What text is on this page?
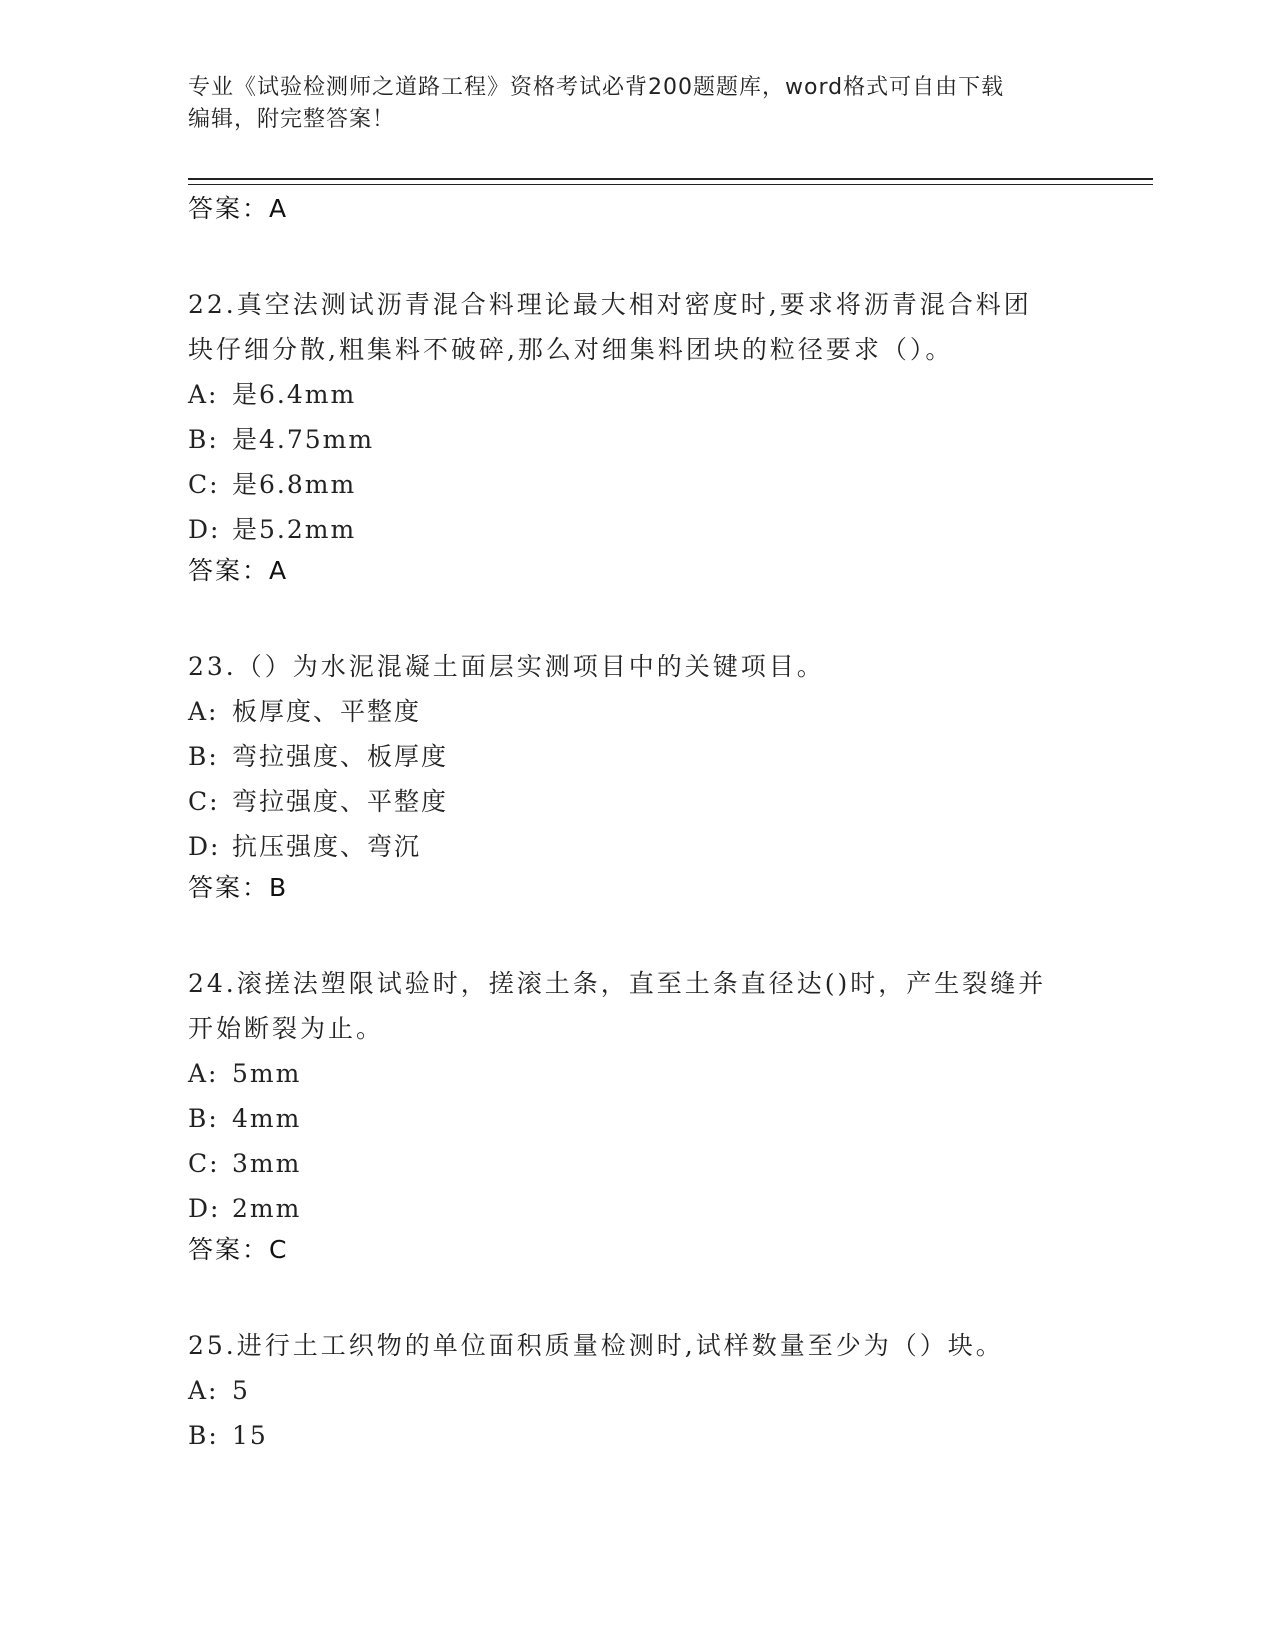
专业《试验检测师之道路工程》资格考试必背200题题库，word格式可自由下载
编辑，附完整答案！

答案：A

22.真空法测试沥青混合料理论最大相对密度时,要求将沥青混合料团

块仔细分散,粗集料不破碎,那么对细集料团块的粒径要求（）。

A: 是6.4mm

B: 是4.75mm

C: 是6.8mm

D: 是5.2mm

答案：A

23.（）为水泥混凝土面层实测项目中的关键项目。

A: 板厚度、平整度

B: 弯拉强度、板厚度

C: 弯拉强度、平整度

D: 抗压强度、弯沉

答案：B

24.滚搓法塑限试验时，搓滚土条，直至土条直径达()时，产生裂缝并

开始断裂为止。

A: 5mm

B: 4mm

C: 3mm

D: 2mm

答案：C

25.进行土工织物的单位面积质量检测时,试样数量至少为（）块。

A: 5

B: 15
